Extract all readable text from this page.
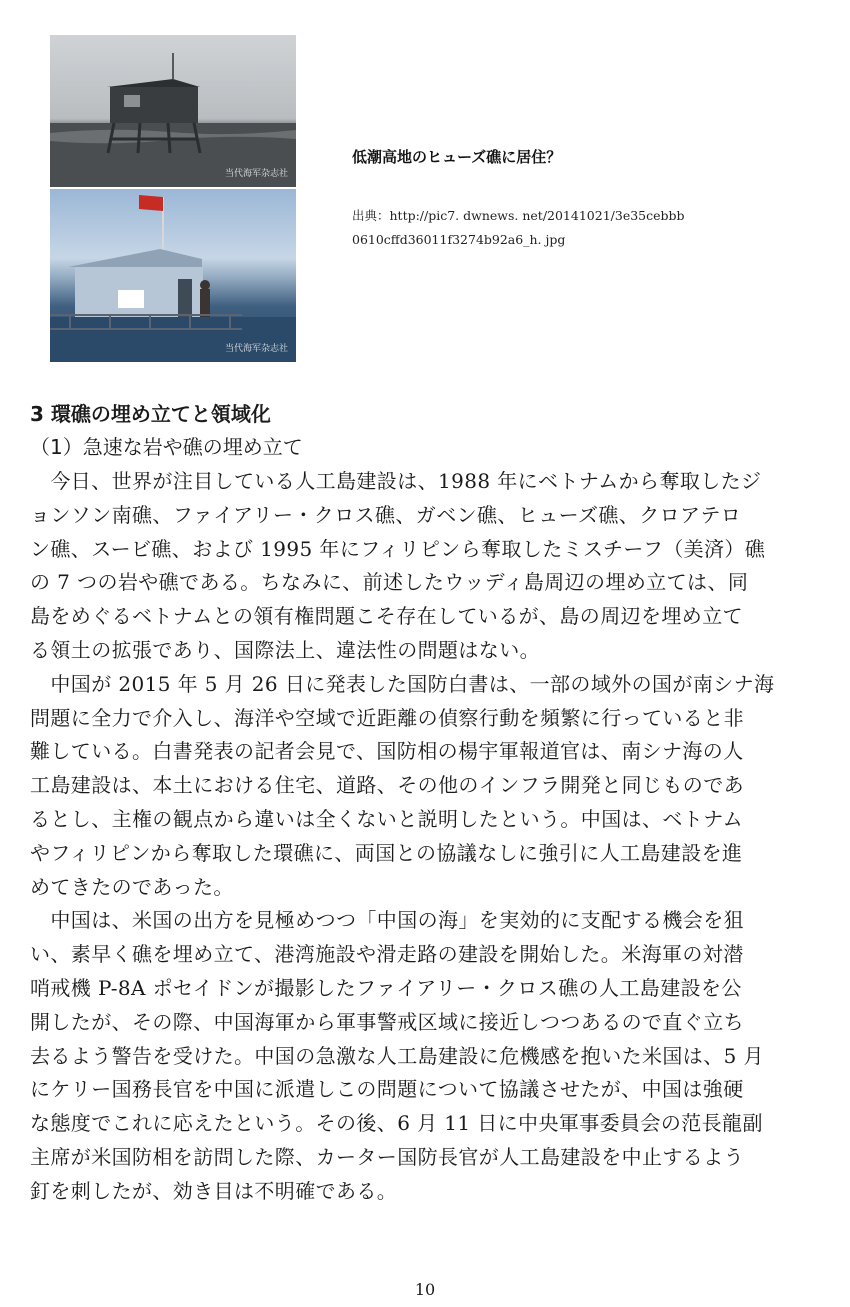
当代海军杂志社
当代海军杂志社
低潮高地のヒューズ礁に居住？
出典：http://pic7. dwnews. net/20141021/3e35cebbb
0610cffd36011f3274b92a6_h. jpg
3 環礁の埋め立てと領域化
（1）急速な岩や礁の埋め立て
　今日、世界が注目している人工島建設は、1988 年にベトナムから奪取したジ
ョンソン南礁、ファイアリー・クロス礁、ガベン礁、ヒューズ礁、クロアテロ
ン礁、スービ礁、および 1995 年にフィリピンら奪取したミスチーフ（美済）礁
の 7 つの岩や礁である。ちなみに、前述したウッディ島周辺の埋め立ては、同
島をめぐるベトナムとの領有権問題こそ存在しているが、島の周辺を埋め立て
る領土の拡張であり、国際法上、違法性の問題はない。
　中国が 2015 年 5 月 26 日に発表した国防白書は、一部の域外の国が南シナ海
問題に全力で介入し、海洋や空域で近距離の偵察行動を頻繁に行っていると非
難している。白書発表の記者会見で、国防相の楊宇軍報道官は、南シナ海の人
工島建設は、本土における住宅、道路、その他のインフラ開発と同じものであ
るとし、主権の観点から違いは全くないと説明したという。中国は、ベトナム
やフィリピンから奪取した環礁に、両国との協議なしに強引に人工島建設を進
めてきたのであった。
　中国は、米国の出方を見極めつつ「中国の海」を実効的に支配する機会を狙
い、素早く礁を埋め立て、港湾施設や滑走路の建設を開始した。米海軍の対潜
哨戒機 P-8A ポセイドンが撮影したファイアリー・クロス礁の人工島建設を公
開したが、その際、中国海軍から軍事警戒区域に接近しつつあるので直ぐ立ち
去るよう警告を受けた。中国の急激な人工島建設に危機感を抱いた米国は、5 月
にケリー国務長官を中国に派遣しこの問題について協議させたが、中国は強硬
な態度でこれに応えたという。その後、6 月 11 日に中央軍事委員会の范長龍副
主席が米国防相を訪問した際、カーター国防長官が人工島建設を中止するよう
釘を刺したが、効き目は不明確である。
10
